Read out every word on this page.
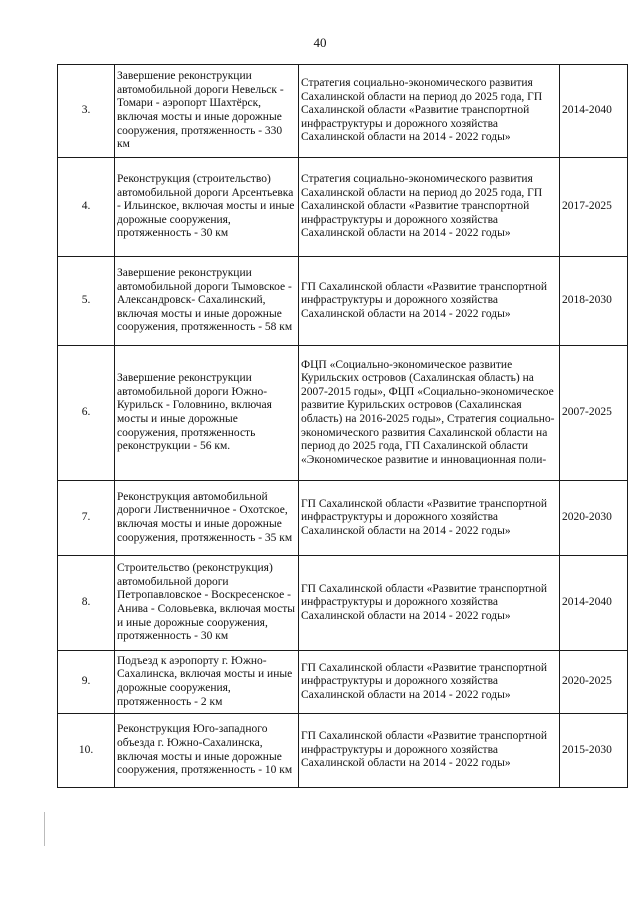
40
3.	Завершение реконструкции автомобильной дороги Невельск - Томари - аэропорт Шахтёрск, включая мосты и иные дорожные сооружения, протяженность - 330 км	Стратегия социально-экономического развития Сахалинской области на период до 2025 года, ГП Сахалинской области «Развитие транспортной инфраструктуры и дорожного хозяйства Сахалинской области на 2014 - 2022 годы»	2014-2040
4.	Реконструкция (строительство) автомобильной дороги Арсентьевка - Ильинское, включая мосты и иные дорожные сооружения, протяженность - 30 км	Стратегия социально-экономического развития Сахалинской области на период до 2025 года, ГП Сахалинской области «Развитие транспортной инфраструктуры и дорожного хозяйства Сахалинской области на 2014 - 2022 годы»	2017-2025
5.	Завершение реконструкции автомобильной дороги Тымовское - Александровск- Сахалинский, включая мосты и иные дорожные сооружения, протяженность - 58 км	ГП Сахалинской области «Развитие транспортной инфраструктуры и дорожного хозяйства Сахалинской области на 2014 - 2022 годы»	2018-2030
6.	Завершение реконструкции автомобильной дороги Южно- Курильск - Головнино, включая мосты и иные дорожные сооружения, протяженность реконструкции - 56 км.	ФЦП «Социально-экономическое развитие Курильских островов (Сахалинская область) на 2007-2015 годы», ФЦП «Социально-экономическое развитие Курильских островов (Сахалинская область) на 2016-2025 годы», Стратегия социально-экономического развития Сахалинской области на период до 2025 года, ГП Сахалинской области «Экономическое развитие и инновационная поли-	2007-2025
7.	Реконструкция автомобильной дороги Лиственничное - Охотское, включая мосты и иные дорожные сооружения, протяженность - 35 км	ГП Сахалинской области «Развитие транспортной инфраструктуры и дорожного хозяйства Сахалинской области на 2014 - 2022 годы»	2020-2030
8.	Строительство (реконструкция) автомобильной дороги Петропавловское - Воскресенское - Анива - Соловьевка, включая мосты и иные дорожные сооружения, протяженность - 30 км	ГП Сахалинской области «Развитие транспортной инфраструктуры и дорожного хозяйства Сахалинской области на 2014 - 2022 годы»	2014-2040
9.	Подъезд к аэропорту г. Южно-Сахалинска, включая мосты и иные дорожные сооружения, протяженность - 2 км	ГП Сахалинской области «Развитие транспортной инфраструктуры и дорожного хозяйства Сахалинской области на 2014 - 2022 годы»	2020-2025
10.	Реконструкция Юго-западного объезда г. Южно-Сахалинска, включая мосты и иные дорожные сооружения, протяженность - 10 км	ГП Сахалинской области «Развитие транспортной инфраструктуры и дорожного хозяйства Сахалинской области на 2014 - 2022 годы»	2015-2030
